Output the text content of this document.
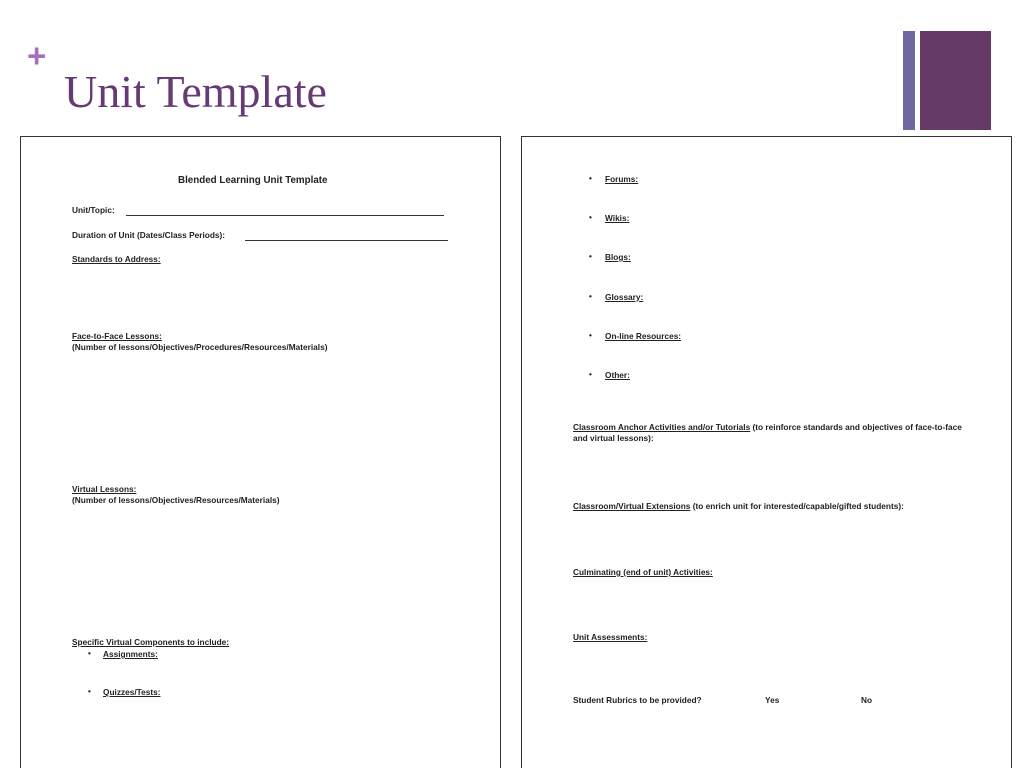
+
Unit Template

Blended Learning Unit Template

Unit/Topic:

Duration of Unit (Dates/Class Periods):

Standards to Address:

Face-to-Face Lessons:

(Number of lessons/Objectives/Procedures/Resources/Materials)

Virtual Lessons:

(Number of lessons/Objectives/Resources/Materials)

Specific Virtual Components to include:

• Assignments:

• Quizzes/Tests:

• Forums:

• Wikis:

• Blogs:

• Glossary:

• On-line Resources:

• Other:

Classroom Anchor Activities and/or Tutorials (to reinforce standards and objectives of face-to-face and virtual lessons):

Classroom/Virtual Extensions (to enrich unit for interested/capable/gifted students):

Culminating (end of unit) Activities:

Unit Assessments:

Student Rubrics to be provided?	Yes	No
